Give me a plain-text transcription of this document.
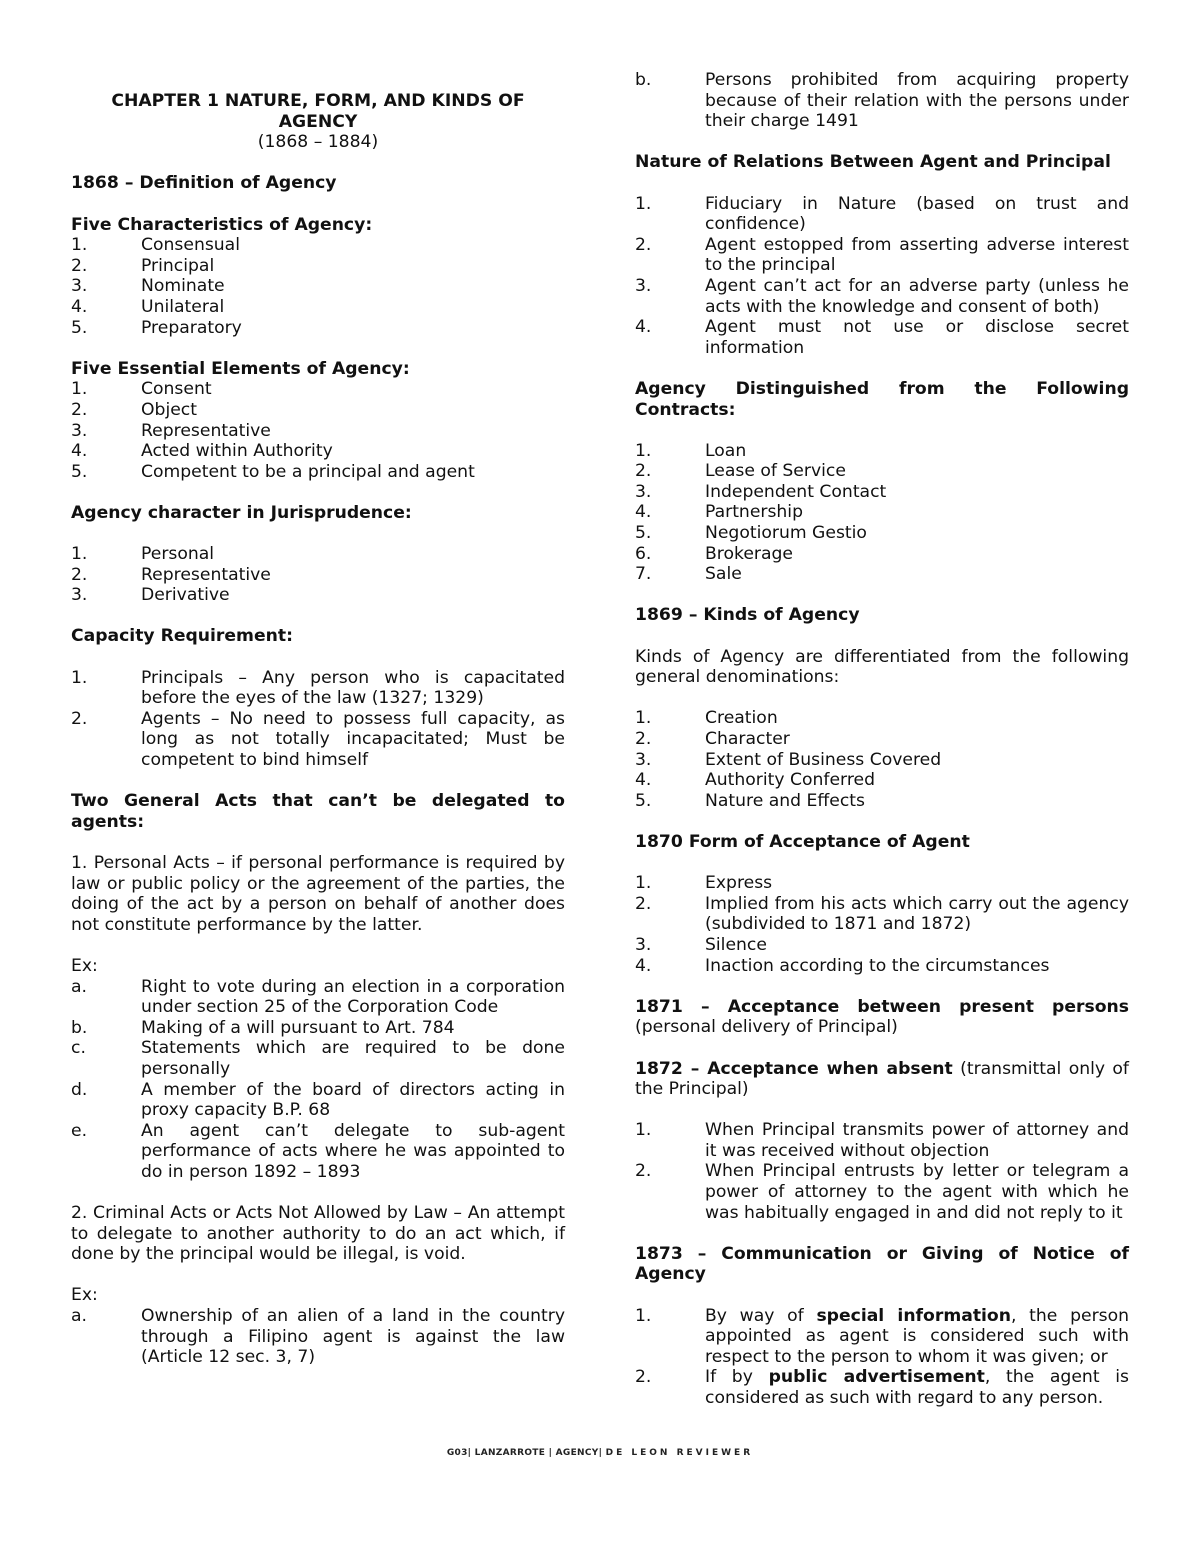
CHAPTER 1 NATURE, FORM, AND KINDS OF
AGENCY

(1868 – 1884)

1868 – Definition of Agency

Five Characteristics of Agency:

1.	Consensual
2.	Principal
3.	Nominate
4.	Unilateral
5.	Preparatory

Five Essential Elements of Agency:

1.	Consent
2.	Object
3.	Representative
4.	Acted within Authority
5.	Competent to be a principal and agent

Agency character in Jurisprudence:

1.	Personal
2.	Representative
3.	Derivative

Capacity Requirement:

1.	Principals – Any person who is capacitated before the eyes of the law (1327; 1329)
2.	Agents – No need to possess full capacity, as long as not totally incapacitated; Must be competent to bind himself

Two General Acts that can’t be delegated to agents:

1. Personal Acts – if personal performance is required by law or public policy or the agreement of the parties, the doing of the act by a person on behalf of another does not constitute performance by the latter.

Ex:
a.	Right to vote during an election in a corporation under section 25 of the Corporation Code
b.	Making of a will pursuant to Art. 784
c.	Statements which are required to be done personally
d.	A member of the board of directors acting in proxy capacity B.P. 68
e.	An agent can’t delegate to sub-agent performance of acts where he was appointed to do in person 1892 – 1893

2. Criminal Acts or Acts Not Allowed by Law – An attempt to delegate to another authority to do an act which, if done by the principal would be illegal, is void.

Ex:
a.	Ownership of an alien of a land in the country through a Filipino agent is against the law (Article 12 sec. 3, 7)
b.	Persons prohibited from acquiring property because of their relation with the persons under their charge 1491

Nature of Relations Between Agent and Principal

1.	Fiduciary in Nature (based on trust and confidence)
2.	Agent estopped from asserting adverse interest to the principal
3.	Agent can’t act for an adverse party (unless he acts with the knowledge and consent of both)
4.	Agent must not use or disclose secret information

Agency Distinguished from the Following Contracts:

1.	Loan
2.	Lease of Service
3.	Independent Contact
4.	Partnership
5.	Negotiorum Gestio
6.	Brokerage
7.	Sale

1869 – Kinds of Agency

Kinds of Agency are differentiated from the following general denominations:

1.	Creation
2.	Character
3.	Extent of Business Covered
4.	Authority Conferred
5.	Nature and Effects

1870 Form of Acceptance of Agent

1.	Express
2.	Implied from his acts which carry out the agency (subdivided to 1871 and 1872)
3.	Silence
4.	Inaction according to the circumstances

1871 – Acceptance between present persons (personal delivery of Principal)

1872 – Acceptance when absent (transmittal only of the Principal)

1.	When Principal transmits power of attorney and it was received without objection
2.	When Principal entrusts by letter or telegram a power of attorney to the agent with which he was habitually engaged in and did not reply to it

1873 – Communication or Giving of Notice of Agency

1.	By way of special information, the person appointed as agent is considered such with respect to the person to whom it was given; or
2.	If by public advertisement, the agent is considered as such with regard to any person.
G03| LANZARROTE | AGENCY| DE LEON REVIEWER
